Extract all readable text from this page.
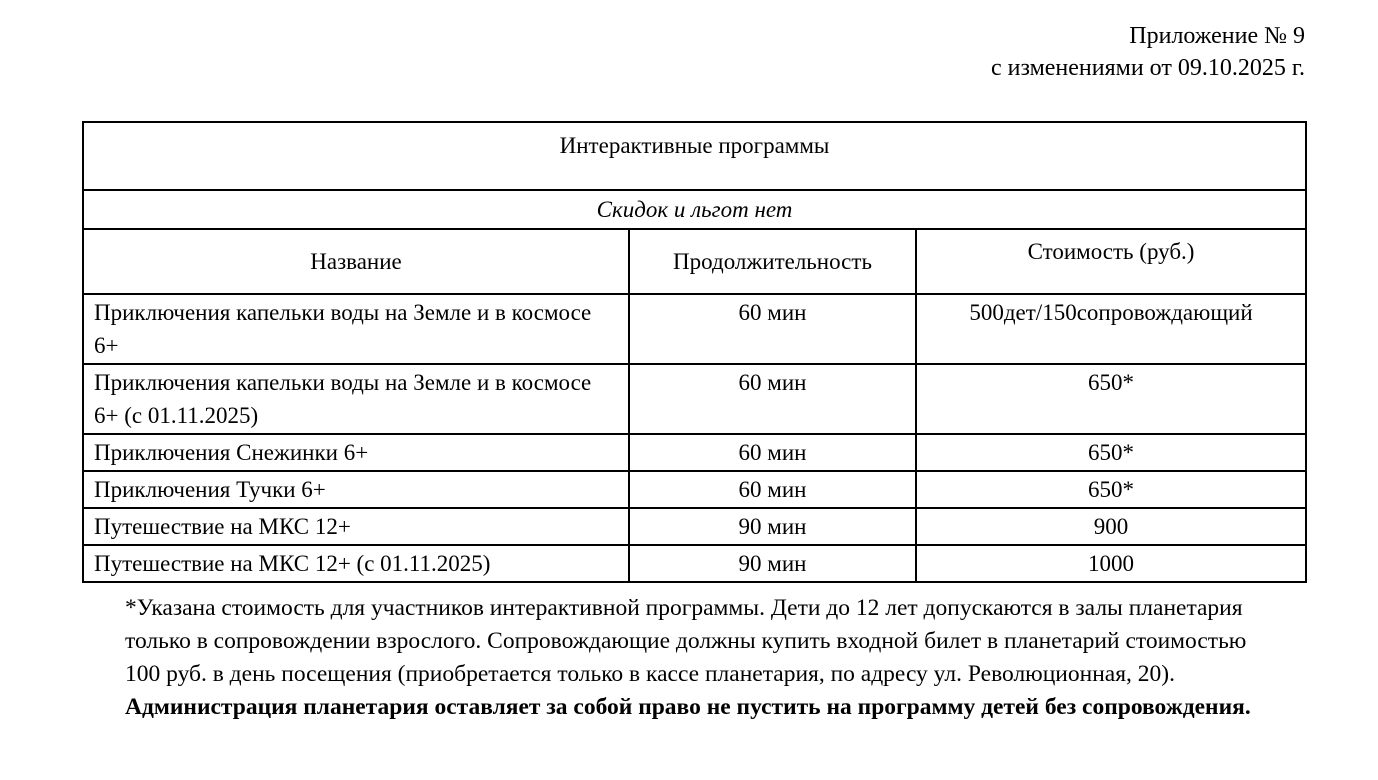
Приложение № 9
с изменениями от 09.10.2025 г.
Интерактивные программы		
Скидок и льгот нет		
Название	Продолжительность	Стоимость (руб.)
Приключения капельки воды на Земле и в космосе 6+	60 мин	500дет/150сопровождающий
Приключения капельки воды на Земле и в космосе 6+ (с 01.11.2025)	60 мин	650*
Приключения Снежинки 6+	60 мин	650*
Приключения Тучки 6+	60 мин	650*
Путешествие на МКС 12+	90 мин	900
Путешествие на МКС 12+ (с 01.11.2025)	90 мин	1000

*Указана стоимость для участников интерактивной программы. Дети до 12 лет допускаются в залы планетария только в сопровождении взрослого. Сопровождающие должны купить входной билет в планетарий стоимостью 100 руб. в день посещения (приобретается только в кассе планетария, по адресу ул. Революционная, 20).

Администрация планетария оставляет за собой право не пустить на программу детей без сопровождения.
